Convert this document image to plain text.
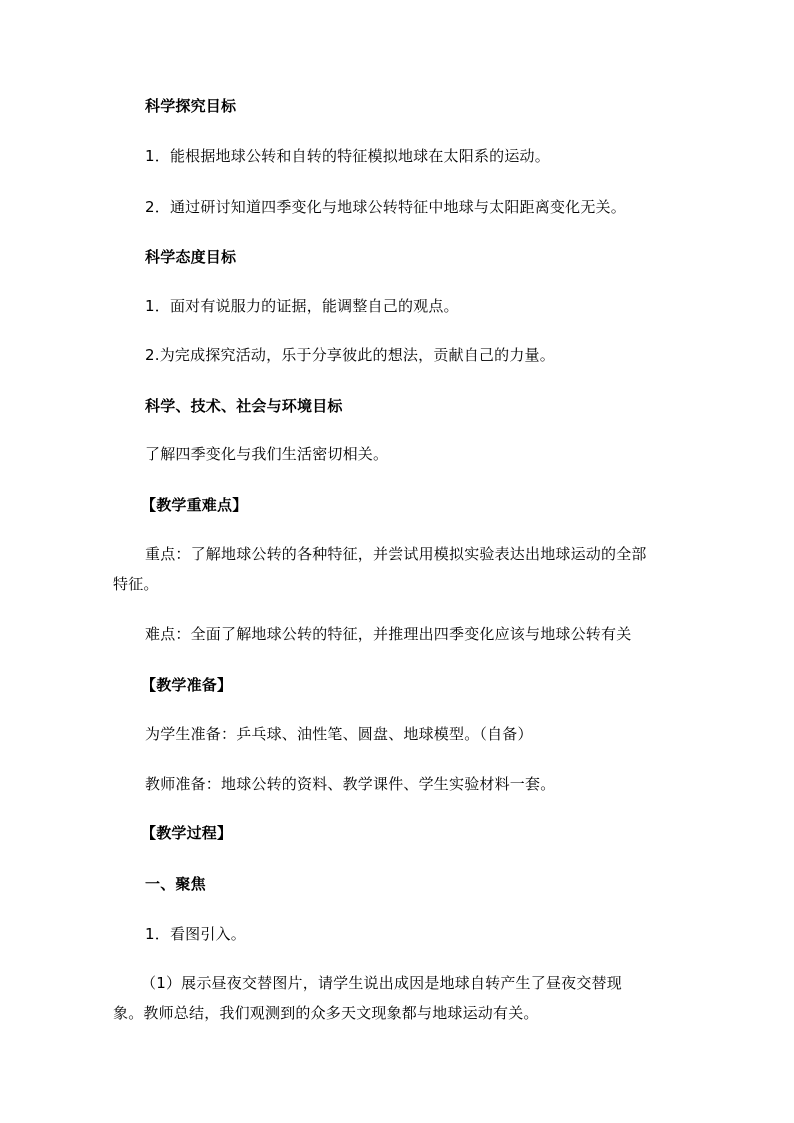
科学探究目标
1．能根据地球公转和自转的特征模拟地球在太阳系的运动。
2．通过研讨知道四季变化与地球公转特征中地球与太阳距离变化无关。
科学态度目标
1．面对有说服力的证据，能调整自己的观点。
2.为完成探究活动，乐于分享彼此的想法，贡献自己的力量。
科学、技术、社会与环境目标
了解四季变化与我们生活密切相关。
【教学重难点】
重点：了解地球公转的各种特征，并尝试用模拟实验表达出地球运动的全部
特征。
难点：全面了解地球公转的特征，并推理出四季变化应该与地球公转有关
【教学准备】
为学生准备：乒乓球、油性笔、圆盘、地球模型。（自备）
教师准备：地球公转的资料、教学课件、学生实验材料一套。
【教学过程】
一、聚焦
1．看图引入。
（1）展示昼夜交替图片，请学生说出成因是地球自转产生了昼夜交替现
象。教师总结，我们观测到的众多天文现象都与地球运动有关。
